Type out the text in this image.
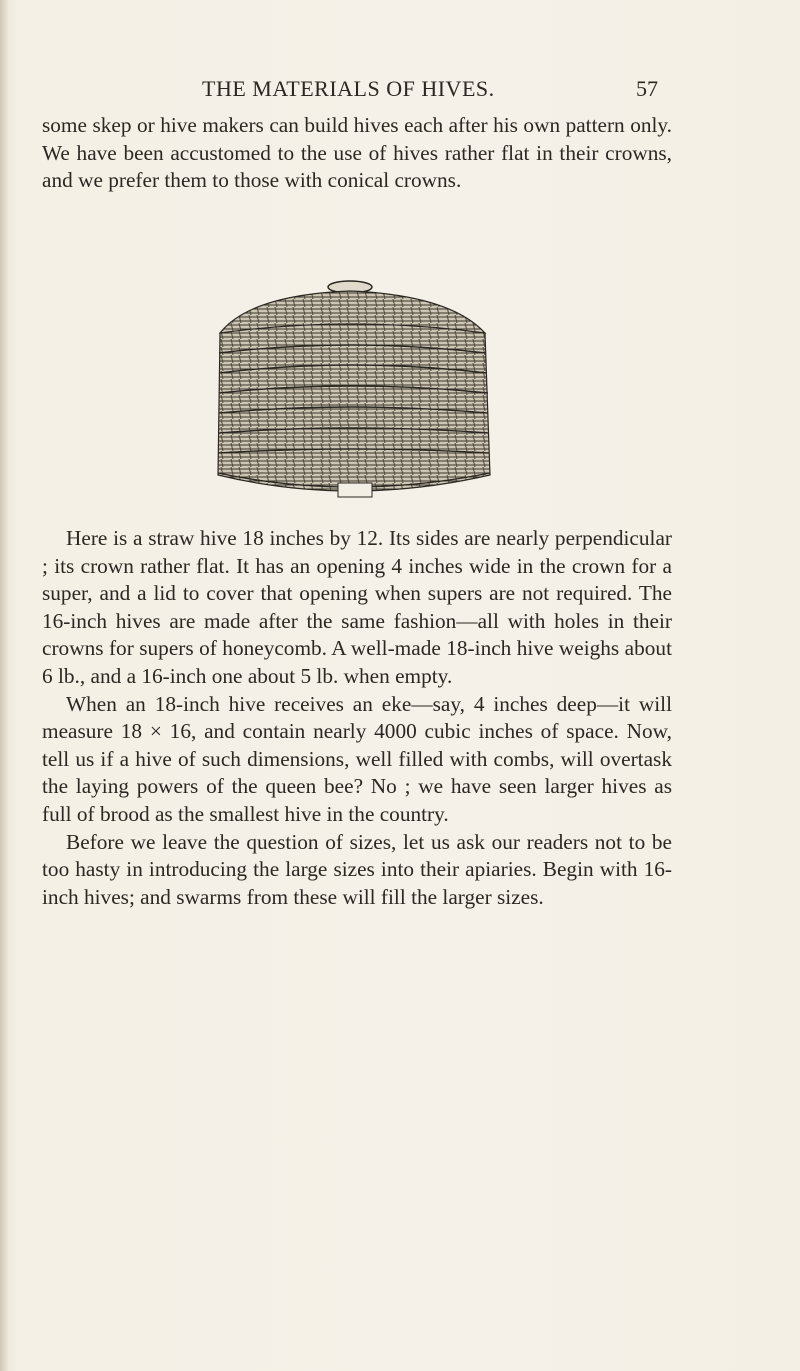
THE MATERIALS OF HIVES.	57

some skep or hive makers can build hives each after his own pattern only. We have been accustomed to the use of hives rather flat in their crowns, and we prefer them to those with conical crowns.

Here is a straw hive 18 inches by 12. Its sides are nearly perpendicular ; its crown rather flat. It has an opening 4 inches wide in the crown for a super, and a lid to cover that opening when supers are not required. The 16-inch hives are made after the same fashion—all with holes in their crowns for supers of honeycomb. A well-made 18-inch hive weighs about 6 lb., and a 16-inch one about 5 lb. when empty.

When an 18-inch hive receives an eke—say, 4 inches deep—it will measure 18 × 16, and contain nearly 4000 cubic inches of space. Now, tell us if a hive of such dimensions, well filled with combs, will overtask the laying powers of the queen bee? No ; we have seen larger hives as full of brood as the smallest hive in the country.

Before we leave the question of sizes, let us ask our readers not to be too hasty in introducing the large sizes into their apiaries. Begin with 16-inch hives; and swarms from these will fill the larger sizes.
